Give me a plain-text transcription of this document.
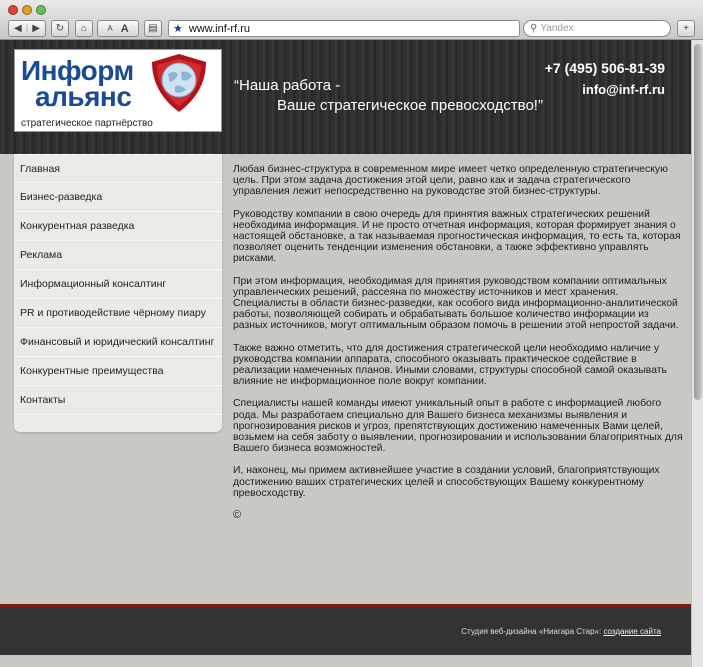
◀ | ▶ ↻ ⌂	A A ▤ ★ www.inf-rf.ru	⚲ Yandex	+
Информ
альянс
стратегическое партнёрство
“Наша работа -
Ваше стратегическое превосходство!”
+7 (495) 506-81-39
info@inf-rf.ru
Главная
Бизнес-разведка
Конкурентная разведка
Реклама
Информационный консалтинг
PR и противодействие чёрному пиару
Финансовый и юридический консалтинг
Конкурентные преимущества
Контакты

Любая бизнес-структура в современном мире имеет четко определенную стратегическую цель. При этом задача достижения этой цели, равно как и задача стратегического управления лежит непосредственно на руководстве этой бизнес-структуры.

Руководству компании в свою очередь для принятия важных стратегических решений необходима информация. И не просто отчетная информация, которая формирует знания о настоящей обстановке, а так называемая прогностическая информация, то есть та, которая позволяет оценить тенденции изменения обстановки, а также эффективно управлять рисками.

При этом информация, необходимая для принятия руководством компании оптимальных управленческих решений, рассеяна по множеству источников и мест хранения. Специалисты в области бизнес-разведки, как особого вида информационно-аналитической работы, позволяющей собирать и обрабатывать большое количество информации из разных источников, могут оптимальным образом помочь в решении этой непростой задачи.

Также важно отметить, что для достижения стратегической цели необходимо наличие у руководства компании аппарата, способного оказывать практическое содействие в реализации намеченных планов. Иными словами, структуры способной самой оказывать влияние не информационное поле вокруг компании.

Специалисты нашей команды имеют уникальный опыт в работе с информацией любого рода. Мы разработаем специально для Вашего бизнеса механизмы выявления и прогнозирования рисков и угроз, препятствующих достижению намеченных Вами целей, возьмем на себя заботу о выявлении, прогнозировании и использовании благоприятных для Вашего бизнеса возможностей.

И, наконец, мы примем активнейшее участие в создании условий, благоприятствующих достижению ваших стратегических целей и способствующих Вашему конкурентному превосходству.

©

Студия веб-дизайна «Ниагара Стар»: создание сайта
